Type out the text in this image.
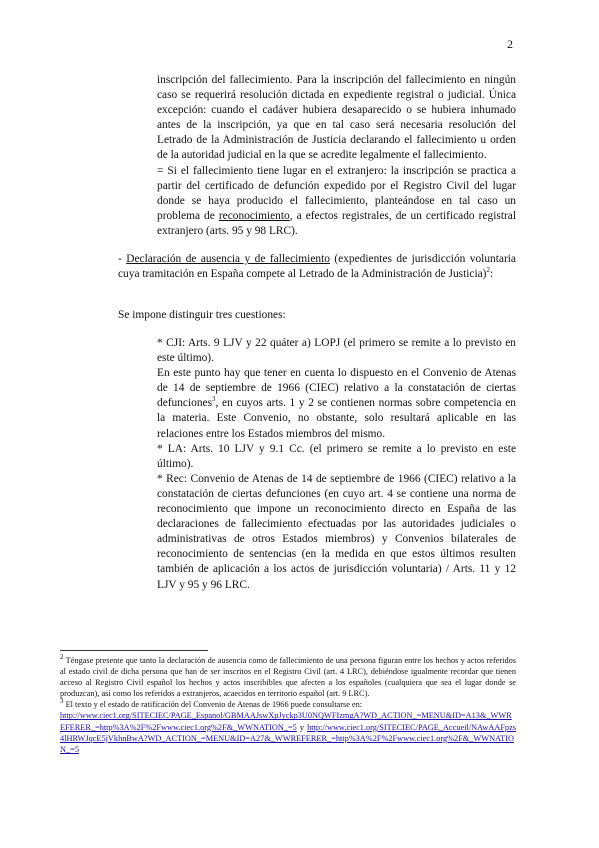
2

inscripción del fallecimiento. Para la inscripción del fallecimiento en ningún caso se requerirá resolución dictada en expediente registral o judicial. Única excepción: cuando el cadáver hubiera desaparecido o se hubiera inhumado antes de la inscripción, ya que en tal caso será necesaria resolución del Letrado de la Administración de Justicia declarando el fallecimiento u orden de la autoridad judicial en la que se acredite legalmente el fallecimiento.

= Si el fallecimiento tiene lugar en el extranjero: la inscripción se practica a partir del certificado de defunción expedido por el Registro Civil del lugar donde se haya producido el fallecimiento, planteándose en tal caso un problema de reconocimiento, a efectos registrales, de un certificado registral extranjero (arts. 95 y 98 LRC).

- Declaración de ausencia y de fallecimiento (expedientes de jurisdicción voluntaria cuya tramitación en España compete al Letrado de la Administración de Justicia)$^2$:
Se impone distinguir tres cuestiones:

* CJI: Arts. 9 LJV y 22 quáter a) LOPJ (el primero se remite a lo previsto en este último).

En este punto hay que tener en cuenta lo dispuesto en el Convenio de Atenas de 14 de septiembre de 1966 (CIEC) relativo a la constatación de ciertas defunciones$^3$, en cuyos arts. 1 y 2 se contienen normas sobre competencia en la materia. Este Convenio, no obstante, solo resultará aplicable en las relaciones entre los Estados miembros del mismo.

* LA: Arts. 10 LJV y 9.1 Cc. (el primero se remite a lo previsto en este último).

* Rec: Convenio de Atenas de 14 de septiembre de 1966 (CIEC) relativo a la constatación de ciertas defunciones (en cuyo art. 4 se contiene una norma de reconocimiento que impone un reconocimiento directo en España de las declaraciones de fallecimiento efectuadas por las autoridades judiciales o administrativas de otros Estados miembros) y Convenios bilaterales de reconocimiento de sentencias (en la medida en que estos últimos resulten también de aplicación a los actos de jurisdicción voluntaria) / Arts. 11 y 12 LJV y 95 y 96 LRC.

$^2$ Téngase presente que tanto la declaración de ausencia como de fallecimiento de una persona figuran entre los hechos y actos referidos al estado civil de dicha persona que han de ser inscritos en el Registro Civil (art. 4 LRC), debiéndose igualmente recordar que tienen acceso al Registro Civil español los hechos y actos inscribibles que afecten a los españoles (cualquiera que sea el lugar donde se produzcan), así como los referidos a extranjeros, acaecidos en territorio español (art. 9 LRC).

$^3$ El texto y el estado de ratificación del Convenio de Atenas de 1966 puede consultarse en:
http://www.ciec1.org/SITECIEC/PAGE_Espanol/GBMAAJswXpJyckp3U0NQWFIzmgA?WD_ACTION_=MENU&ID=A13&_WWREFERER_=http%3A%2F%2Fwww.ciec1.org%2F&_WWNATION_=5 y http://www.ciec1.org/SITECIEC/PAGE_Accueil/NAwAAFpzs4lHRWJqcE5jVkhnBwA?WD_ACTION_=MENU&ID=A27&_WWREFERER_=http%3A%2F%2Fwww.ciec1.org%2F&_WWNATION_=5
